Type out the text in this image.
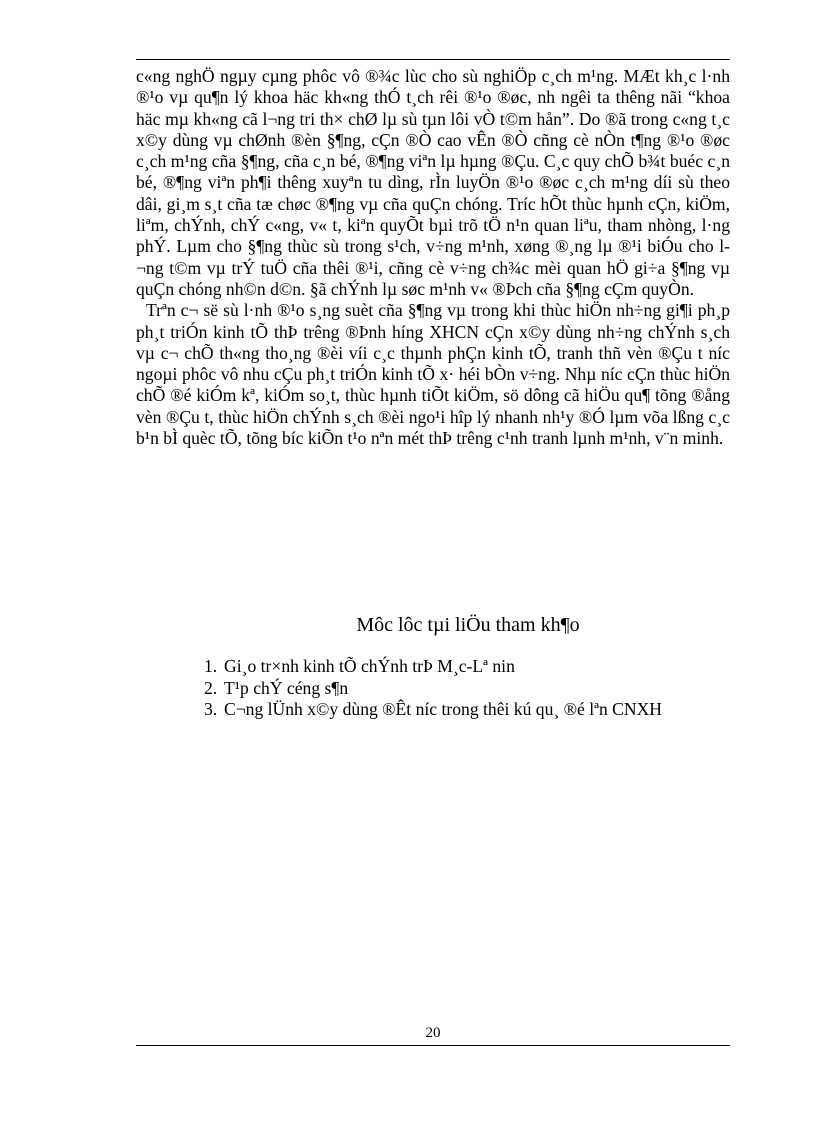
c«ng nghÖ ngµy cµng phôc vô ®¾c lùc cho sù nghiÖp c¸ch m¹ng. MÆt kh¸c l·nh ®¹o vµ qu¶n lý khoa häc kh«ng thÓ t¸ch rêi ®¹o ®øc, nh ngêi ta thêng nãi “khoa häc mµ kh«ng cã l¬ng tri th× chØ lµ sù tµn lôi vÒ t©m hån”. Do ®ã trong c«ng t¸c x©y dùng vµ chØnh ®èn §¶ng, cÇn ®Ò cao vÊn ®Ò cñng cè nÒn t¶ng ®¹o ®øc c¸ch m¹ng cña §¶ng, cña c¸n bé, ®¶ng viªn lµ hµng ®Çu. C¸c quy chÕ b¾t buéc c¸n bé, ®¶ng viªn ph¶i thêng xuyªn tu dìng, rÌn luyÖn ®¹o ®øc c¸ch m¹ng díi sù theo dâi, gi¸m s¸t cña tæ chøc ®¶ng vµ cña quÇn chóng. Tríc hÕt thùc hµnh cÇn, kiÖm, liªm, chÝnh, chÝ c«ng, v« t, kiªn quyÕt bµi trõ tÖ n¹n quan liªu, tham nhòng, l·ng phÝ. Lµm cho §¶ng thùc sù trong s¹ch, v÷ng m¹nh, xøng ®¸ng lµ ®¹i biÓu cho l¬ng t©m vµ trÝ tuÖ cña thêi ®¹i, cñng cè v÷ng ch¾c mèi quan hÖ gi÷a §¶ng vµ quÇn chóng nh©n d©n. §ã chÝnh lµ søc m¹nh v« ®Þch cña §¶ng cÇm quyÒn.

Trªn c¬ së sù l·nh ®¹o s¸ng suèt cña §¶ng vµ trong khi thùc hiÖn nh÷ng gi¶i ph¸p ph¸t triÓn kinh tÕ thÞ trêng ®Þnh híng XHCN cÇn x©y dùng nh÷ng chÝnh s¸ch vµ c¬ chÕ th«ng tho¸ng ®èi víi c¸c thµnh phÇn kinh tÕ, tranh thñ vèn ®Çu t níc ngoµi phôc vô nhu cÇu ph¸t triÓn kinh tÕ x· héi bÒn v÷ng. Nhµ níc cÇn thùc hiÖn chÕ ®é kiÓm kª, kiÓm so¸t, thùc hµnh tiÕt kiÖm, sö dông cã hiÖu qu¶ tõng ®ång vèn ®Çu t, thùc hiÖn chÝnh s¸ch ®èi ngo¹i hîp lý nhanh nh¹y ®Ó lµm võa lßng c¸c b¹n bÌ quèc tÕ, tõng bíc kiÕn t¹o nªn mét thÞ trêng c¹nh tranh lµnh m¹nh, v¨n minh.

Môc lôc tµi liÖu tham kh¶o
1. Gi¸o tr×nh kinh tÕ chÝnh trÞ M¸c-Lª nin
2. T¹p chÝ céng s¶n
3. C¬ng lÜnh x©y dùng ®Êt níc trong thêi kú qu¸ ®é lªn CNXH
20
